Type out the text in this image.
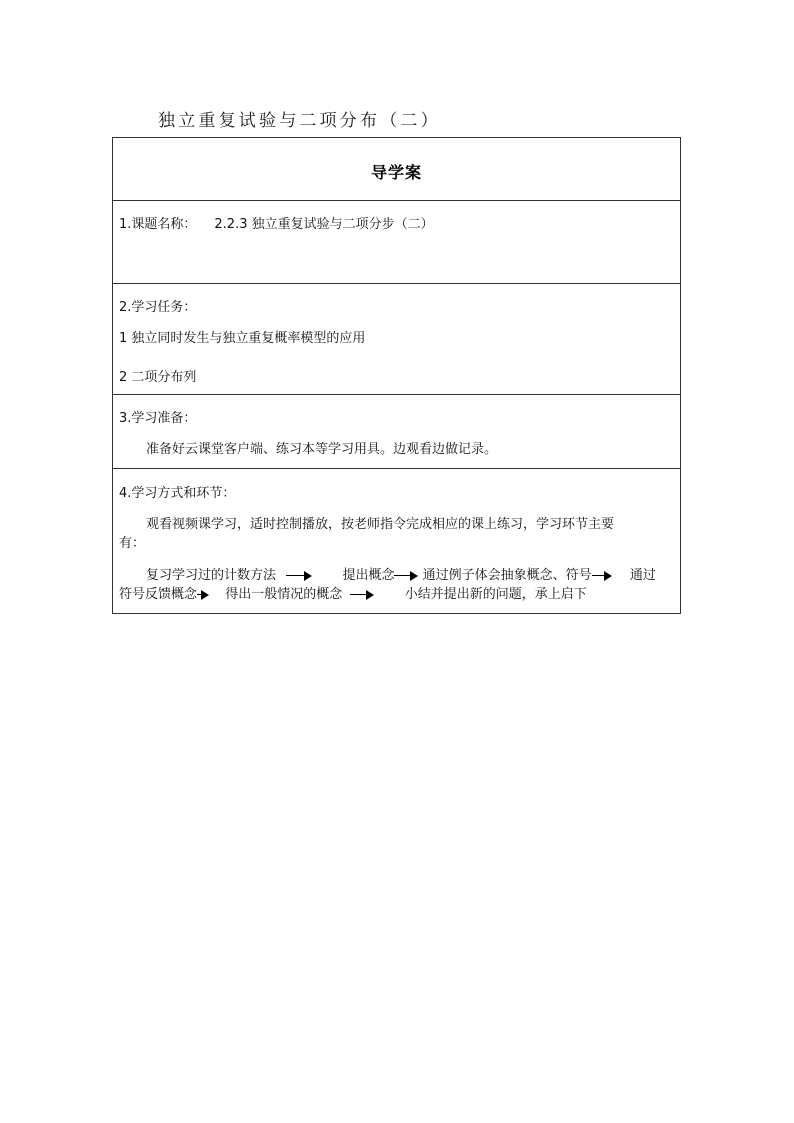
独立重复试验与二项分布（二）
导学案
1.课题名称： 2.2.3 独立重复试验与二项分步（二）
2.学习任务：
1 独立同时发生与独立重复概率模型的应用
2 二项分布列
3.学习准备：
准备好云课堂客户端、练习本等学习用具。边观看边做记录。
4.学习方式和环节：
观看视频课学习，适时控制播放，按老师指令完成相应的课上练习，学习环节主要
有：
复习学习过的计数方法	提出概念 通过例子体会抽象概念、符号	通过
符号反馈概念 得出一般情况的概念	小结并提出新的问题，承上启下
